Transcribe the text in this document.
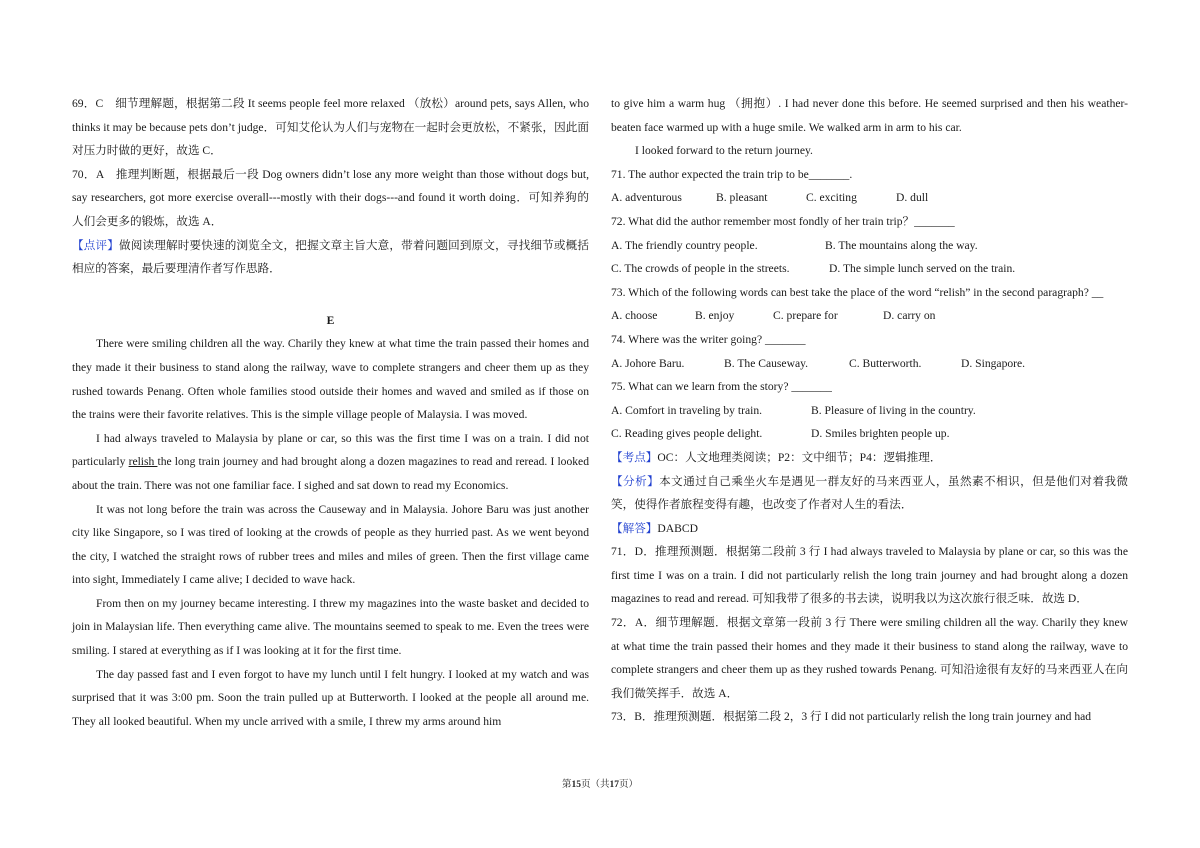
69．C　细节理解题，根据第二段 It seems people feel more relaxed （放松）around pets, says Allen, who thinks it may be because pets don’t judge．可知艾伦认为人们与宠物在一起时会更放松，不紧张，因此面对压力时做的更好，故选 C．

70．A　推理判断题，根据最后一段 Dog owners didn’t lose any more weight than those without dogs but, say researchers, got more exercise overall---mostly with their dogs---and found it worth doing．可知养狗的人们会更多的锻炼，故选 A．

【点评】做阅读理解时要快速的浏览全文，把握文章主旨大意，带着问题回到原文，寻找细节或概括相应的答案，最后要理清作者写作思路．

E

There were smiling children all the way. Charily they knew at what time the train passed their homes and they made it their business to stand along the railway, wave to complete strangers and cheer them up as they rushed towards Penang. Often whole families stood outside their homes and waved and smiled as if those on the trains were their favorite relatives. This is the simple village people of Malaysia. I was moved.

I had always traveled to Malaysia by plane or car, so this was the first time I was on a train. I did not particularly relish the long train journey and had brought along a dozen magazines to read and reread. I looked about the train. There was not one familiar face. I sighed and sat down to read my Economics.

It was not long before the train was across the Causeway and in Malaysia. Johore Baru was just another city like Singapore, so I was tired of looking at the crowds of people as they hurried past. As we went beyond the city, I watched the straight rows of rubber trees and miles and miles of green. Then the first village came into sight, Immediately I came alive; I decided to wave hack.

From then on my journey became interesting. I threw my magazines into the waste basket and decided to join in Malaysian life. Then everything came alive. The mountains seemed to speak to me. Even the trees were smiling. I stared at everything as if I was looking at it for the first time.

The day passed fast and I even forgot to have my lunch until I felt hungry. I looked at my watch and was surprised that it was 3:00 pm. Soon the train pulled up at Butterworth. I looked at the people all around me. They all looked beautiful. When my uncle arrived with a smile, I threw my arms around him

to give him a warm hug （拥抱）. I had never done this before. He seemed surprised and then his weather-beaten face warmed up with a huge smile. We walked arm in arm to his car.

I looked forward to the return journey.

71. The author expected the train trip to be_______.

A. adventurous	B. pleasant	C. exciting	D. dull

72. What did the author remember most fondly of her train trip？_______

A. The friendly country people.	B. The mountains along the way.

C. The crowds of people in the streets.	D. The simple lunch served on the train.

73. Which of the following words can best take the place of the word “relish” in the second paragraph? __

A. choose	B. enjoy	C. prepare for	D. carry on

74. Where was the writer going? _______

A. Johore Baru.	B. The Causeway.	C. Butterworth.	D. Singapore.

75. What can we learn from the story? _______

A. Comfort in traveling by train.	B. Pleasure of living in the country.

C. Reading gives people delight.	D. Smiles brighten people up.

【考点】OC：人文地理类阅读；P2：文中细节；P4：逻辑推理．

【分析】本文通过自己乘坐火车是遇见一群友好的马来西亚人，虽然素不相识，但是他们对着我微笑，使得作者旅程变得有趣，也改变了作者对人生的看法．

【解答】DABCD

71．D．推理预测题．根据第二段前 3 行 I had always traveled to Malaysia by plane or car, so this was the first time I was on a train. I did not particularly relish the long train journey and had brought along a dozen magazines to read and reread. 可知我带了很多的书去读，说明我以为这次旅行很乏味．故选 D．

72．A．细节理解题．根据文章第一段前 3 行 There were smiling children all the way. Charily they knew at what time the train passed their homes and they made it their business to stand along the railway, wave to complete strangers and cheer them up as they rushed towards Penang. 可知沿途很有友好的马来西亚人在向我们微笑挥手．故选 A．

73．B．推理预测题．根据第二段 2，3 行 I did not particularly relish the long train journey and had

第15页（共17页）
